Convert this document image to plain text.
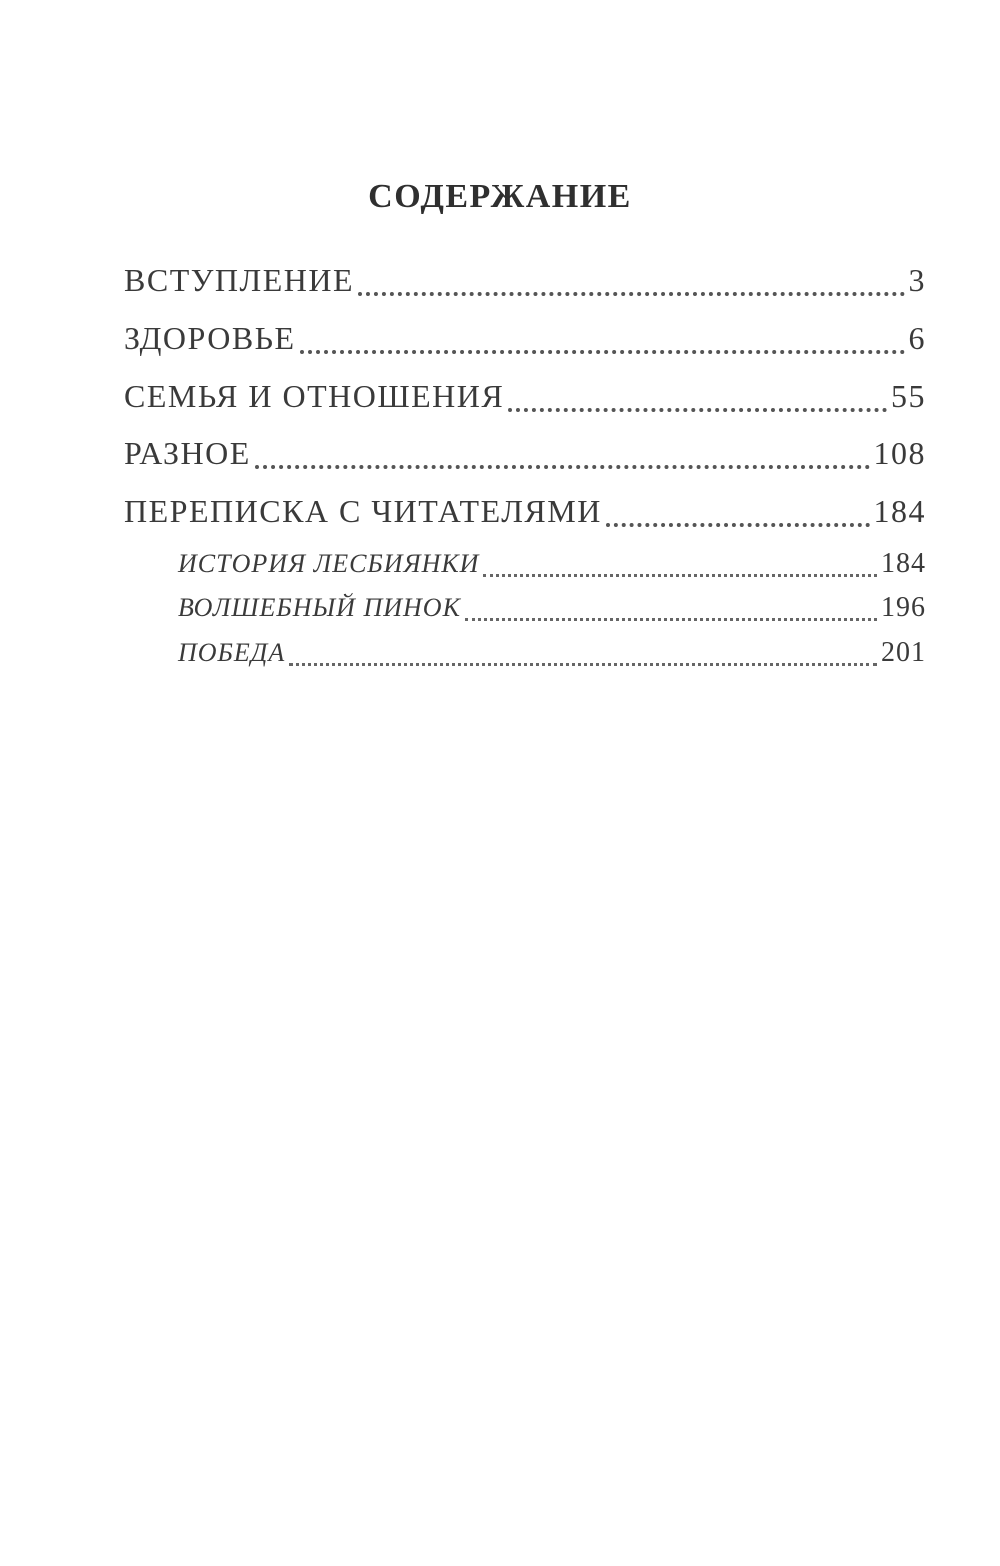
СОДЕРЖАНИЕ
ВСТУПЛЕНИЕ	3
ЗДОРОВЬЕ	6
СЕМЬЯ И ОТНОШЕНИЯ	55
РАЗНОЕ	108
ПЕРЕПИСКА С ЧИТАТЕЛЯМИ	184
ИСТОРИЯ ЛЕСБИЯНКИ	184
ВОЛШЕБНЫЙ ПИНОК	196
ПОБЕДА	201
